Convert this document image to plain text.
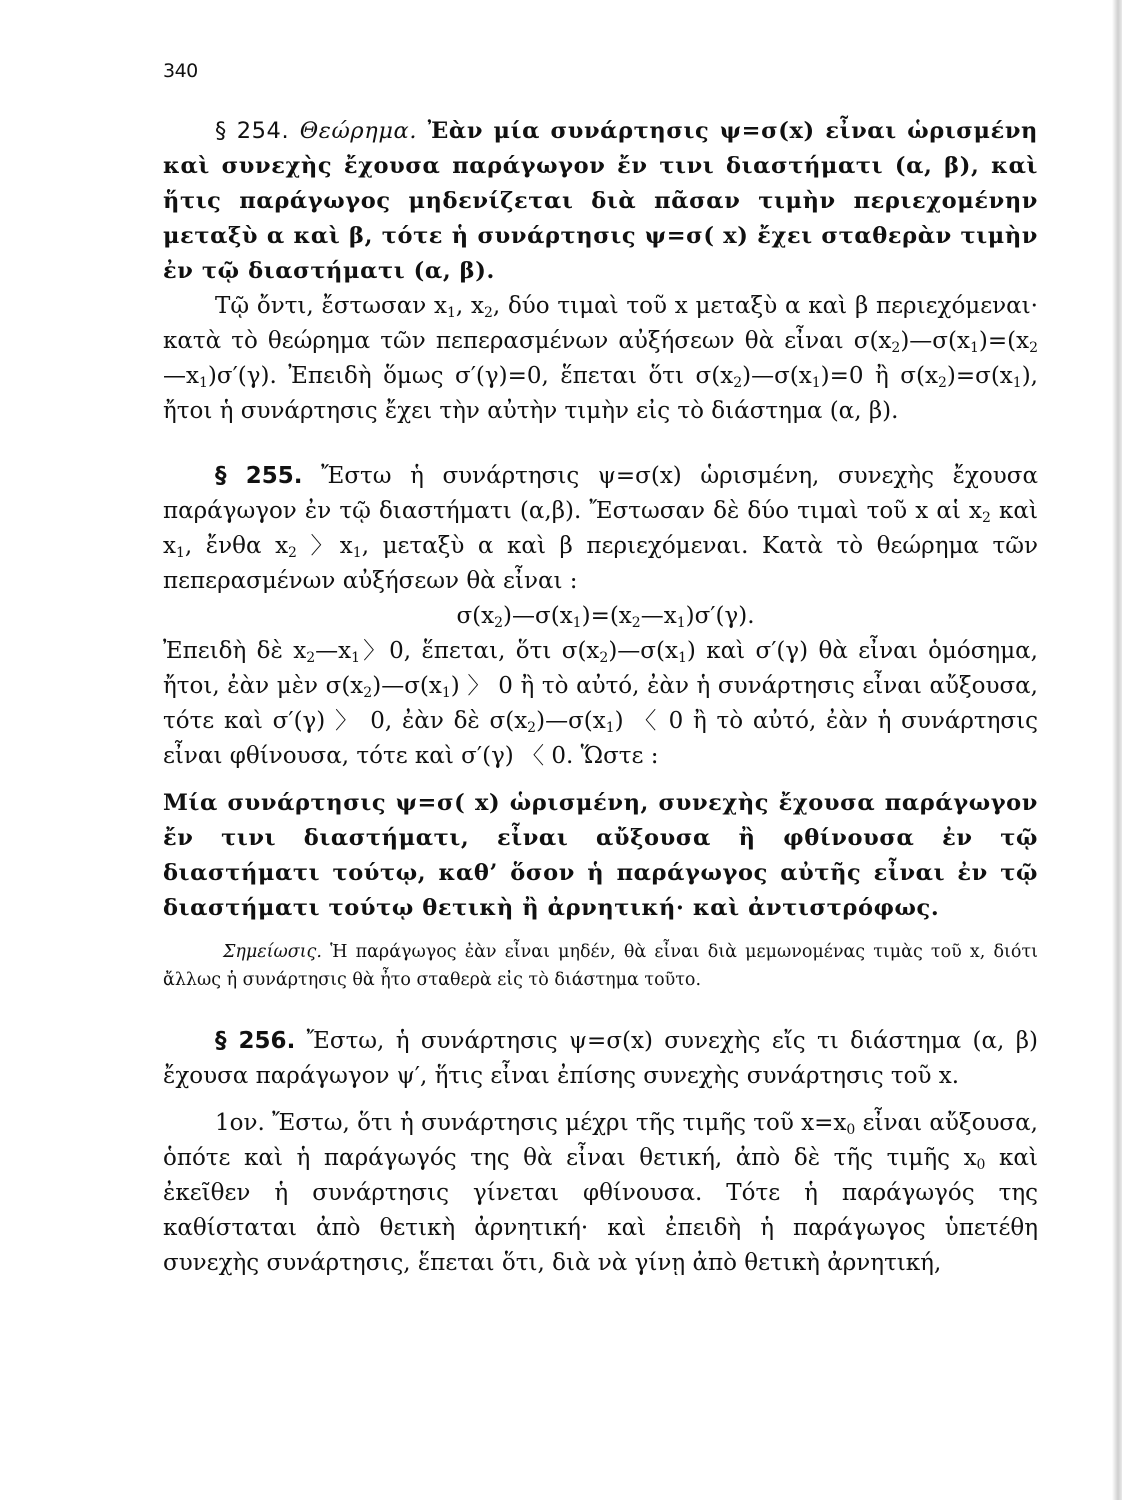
340

§ 254. Θεώρημα. Ἐὰν μία συνάρτησις ψ=σ(x) εἶναι ὡρισμένη καὶ συνεχὴς ἔχουσα παράγωγον ἔν τινι διαστήματι (α, β), καὶ ἥτις παράγωγος μηδενίζεται διὰ πᾶσαν τιμὴν περιεχομένην μεταξὺ α καὶ β, τότε ἡ συνάρτησις ψ=σ( x) ἔχει σταθερὰν τιμὴν ἐν τῷ διαστήματι (α, β).

Τῷ ὄντι, ἔστωσαν $x_1$, $x_2$, δύο τιμαὶ τοῦ x μεταξὺ α καὶ β περιεχόμεναι· κατὰ τὸ θεώρημα τῶν πεπερασμένων αὐξήσεων θὰ εἶναι $\sigma(x_2)—\sigma(x_1)=(x_2—x_1)\sigma'(\gamma)$. Ἐπειδὴ ὅμως σ′(γ)=0, ἕπεται ὅτι $\sigma(x_2)—\sigma(x_1)=0$ ἢ $\sigma(x_2)=\sigma(x_1)$, ἤτοι ἡ συνάρτησις ἔχει τὴν αὐτὴν τιμὴν εἰς τὸ διάστημα (α, β).

§ 255. Ἔστω ἡ συνάρτησις ψ=σ(x) ὡρισμένη, συνεχὴς ἔχουσα παράγωγον ἐν τῷ διαστήματι (α,β). Ἔστωσαν δὲ δύο τιμαὶ τοῦ x αἱ $x_2$ καὶ $x_1$, ἔνθα $x_2$ 〉$x_1$, μεταξὺ α καὶ β περιεχόμεναι. Κατὰ τὸ θεώρημα τῶν πεπερασμένων αὐξήσεων θὰ εἶναι :

$\sigma(x_2)—\sigma(x_1)=(x_2—x_1)\sigma'(\gamma)$.

Ἐπειδὴ δὲ $x_2—x_1$〉0, ἕπεται, ὅτι $\sigma(x_2)—\sigma(x_1)$ καὶ σ′(γ) θὰ εἶναι ὁμόσημα, ἤτοι, ἐὰν μὲν $\sigma(x_2)—\sigma(x_1)$ 〉 0 ἢ τὸ αὐτό, ἐὰν ἡ συνάρτησις εἶναι αὔξουσα, τότε καὶ σ′(γ) 〉 0, ἐὰν δὲ $\sigma(x_2)—\sigma(x_1)$ 〈 0 ἢ τὸ αὐτό, ἐὰν ἡ συνάρτησις εἶναι φθίνουσα, τότε καὶ σ′(γ) 〈 0. Ὥστε :

Μία συνάρτησις ψ=σ( x) ὡρισμένη, συνεχὴς ἔχουσα παράγωγον ἔν τινι διαστήματι, εἶναι αὔξουσα ἢ φθίνουσα ἐν τῷ διαστήματι τούτῳ, καθ’ ὅσον ἡ παράγωγος αὐτῆς εἶναι ἐν τῷ διαστήματι τούτῳ θετικὴ ἢ ἀρνητική· καὶ ἀντιστρόφως.

Σημείωσις. Ἡ παράγωγος ἐὰν εἶναι μηδέν, θὰ εἶναι διὰ μεμωνομένας τιμὰς τοῦ x, διότι ἄλλως ἡ συνάρτησις θὰ ἦτο σταθερὰ εἰς τὸ διάστημα τοῦτο.

§ 256. Ἔστω, ἡ συνάρτησις ψ=σ(x) συνεχὴς εἴς τι διάστημα (α, β) ἔχουσα παράγωγον ψ′, ἥτις εἶναι ἐπίσης συνεχὴς συνάρτησις τοῦ x.

1ον. Ἔστω, ὅτι ἡ συνάρτησις μέχρι τῆς τιμῆς τοῦ $x=x_0$ εἶναι αὔξουσα, ὁπότε καὶ ἡ παράγωγός της θὰ εἶναι θετική, ἀπὸ δὲ τῆς τιμῆς $x_0$ καὶ ἐκεῖθεν ἡ συνάρτησις γίνεται φθίνουσα. Τότε ἡ παράγωγός της καθίσταται ἀπὸ θετικὴ ἀρνητική· καὶ ἐπειδὴ ἡ παράγωγος ὑπετέθη συνεχὴς συνάρτησις, ἕπεται ὅτι, διὰ νὰ γίνῃ ἀπὸ θετικὴ ἀρνητική,
